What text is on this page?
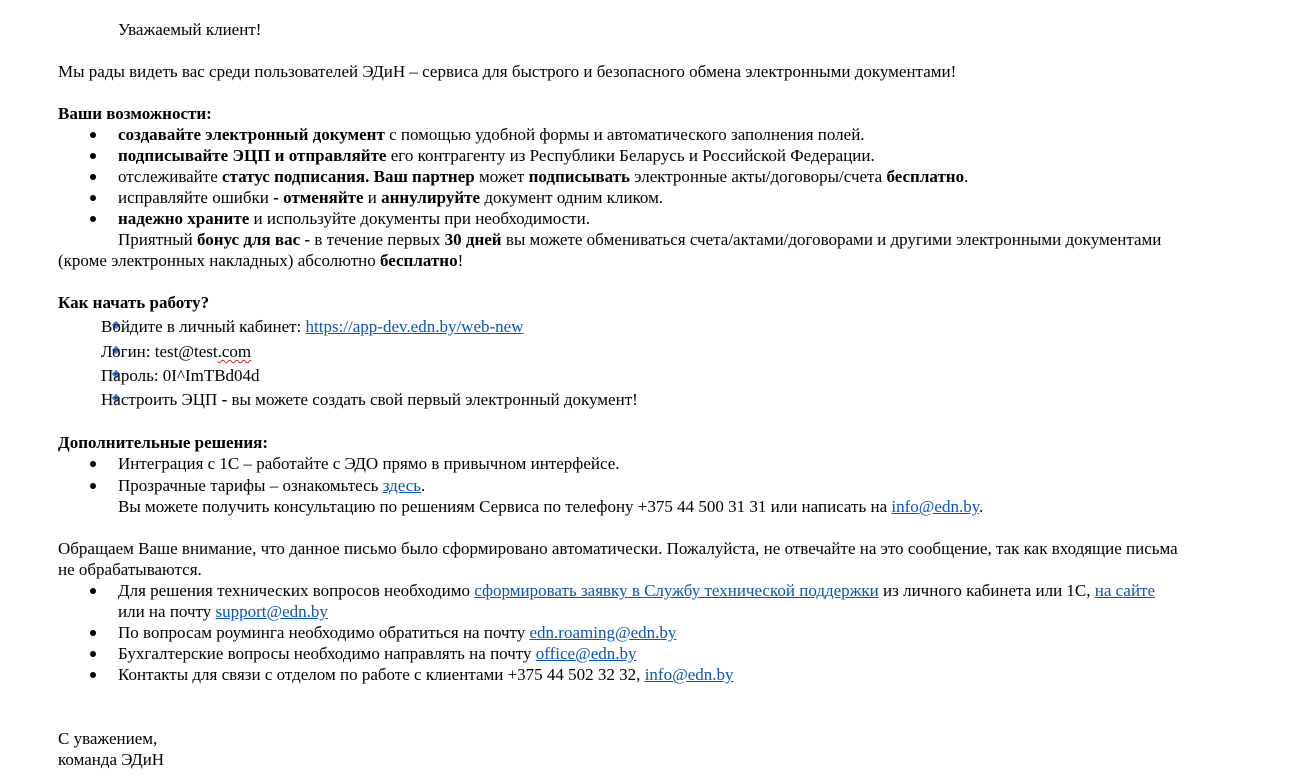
Уважаемый клиент!
Мы рады видеть вас среди пользователей ЭДиН – сервиса для быстрого и безопасного обмена электронными документами!
Ваши возможности:
создавайте электронный документ с помощью удобной формы и автоматического заполнения полей.
подписывайте ЭЦП и отправляйте его контрагенту из Республики Беларусь и Российской Федерации.
отслеживайте статус подписания. Ваш партнер может подписывать электронные акты/договоры/счета бесплатно.
исправляйте ошибки - отменяйте и аннулируйте документ одним кликом.
надежно храните и используйте документы при необходимости.
Приятный бонус для вас - в течение первых 30 дней вы можете обмениваться счета/актами/договорами и другими электронными документами
(кроме электронных накладных) абсолютно бесплатно!
Как начать работу?
Войдите в личный кабинет: https://app-dev.edn.by/web-new
Логин: test@test.com
Пароль: 0I^ImTBd04d
Настроить ЭЦП - вы можете создать свой первый электронный документ!
Дополнительные решения:
Интеграция с 1С – работайте с ЭДО прямо в привычном интерфейсе.
Прозрачные тарифы – ознакомьтесь здесь.
Вы можете получить консультацию по решениям Сервиса по телефону +375 44 500 31 31 или написать на info@edn.by.
Обращаем Ваше внимание, что данное письмо было сформировано автоматически. Пожалуйста, не отвечайте на это сообщение, так как входящие письма
не обрабатываются.
Для решения технических вопросов необходимо сформировать заявку в Службу технической поддержки из личного кабинета или 1С, на сайте
или на почту support@edn.by
По вопросам роуминга необходимо обратиться на почту edn.roaming@edn.by
Бухгалтерские вопросы необходимо направлять на почту office@edn.by
Контакты для связи с отделом по работе с клиентами +375 44 502 32 32, info@edn.by
С уважением,
команда ЭДиН
